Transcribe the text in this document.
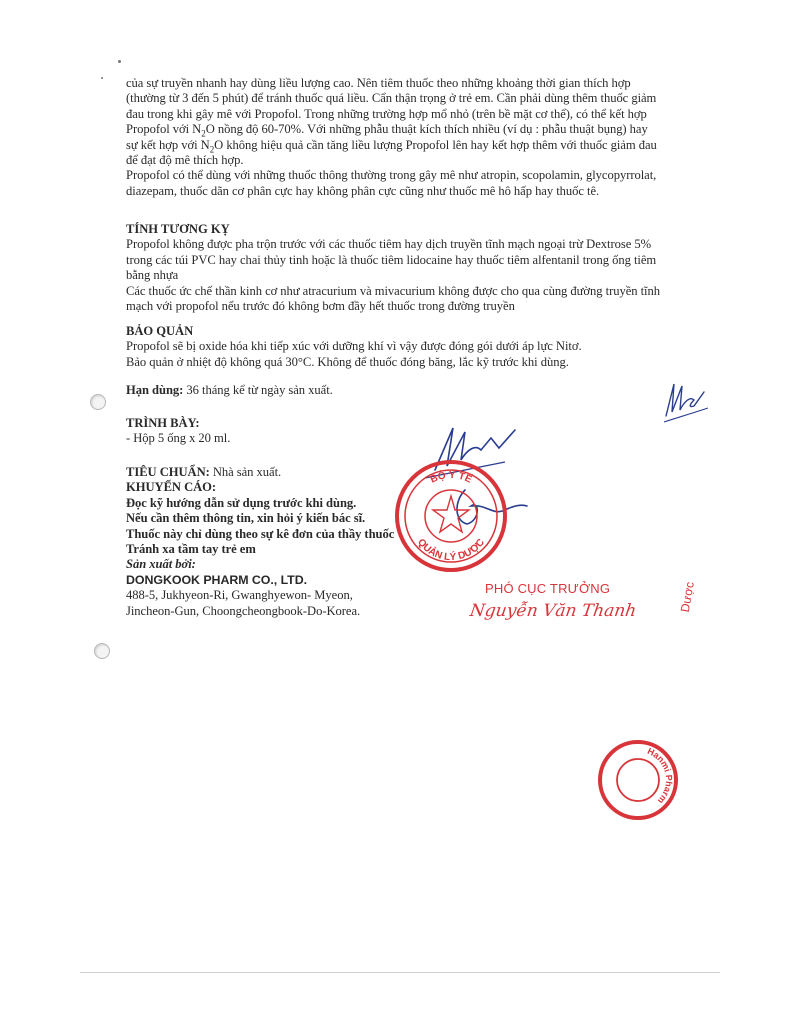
của sự truyền nhanh hay dùng liều lượng cao. Nên tiêm thuốc theo những khoảng thời gian thích hợp
(thường từ 3 đến 5 phút) để tránh thuốc quá liều. Cẩn thận trọng ở trẻ em. Cần phải dùng thêm thuốc giảm
đau trong khi gây mê với Propofol. Trong những trường hợp mổ nhỏ (trên bề mặt cơ thể), có thể kết hợp
Propofol với $N_2O$ nồng độ 60-70%. Với những phẫu thuật kích thích nhiều (ví dụ : phẫu thuật bụng) hay
sự kết hợp với $N_2O$ không hiệu quả cần tăng liều lượng Propofol lên hay kết hợp thêm với thuốc giảm đau
để đạt độ mê thích hợp.
Propofol có thể dùng với những thuốc thông thường trong gây mê như atropin, scopolamin, glycopyrrolat,
diazepam, thuốc dãn cơ phân cực hay không phân cực cũng như thuốc mê hô hấp hay thuốc tê.
TÍNH TƯƠNG KỴ
Propofol không được pha trộn trước với các thuốc tiêm hay dịch truyền tĩnh mạch ngoại trừ Dextrose 5%
trong các túi PVC hay chai thủy tinh hoặc là thuốc tiêm lidocaine hay thuốc tiêm alfentanil trong ống tiêm
bằng nhựa
Các thuốc ức chế thần kinh cơ như atracurium và mivacurium không được cho qua cùng đường truyền tĩnh
mạch với propofol nếu trước đó không bơm đầy hết thuốc trong đường truyền
BẢO QUẢN
Propofol sẽ bị oxide hóa khi tiếp xúc với dưỡng khí vì vậy được đóng gói dưới áp lực Nitơ.
Bảo quản ở nhiệt độ không quá 30°C. Không để thuốc đóng băng, lắc kỹ trước khi dùng.
Hạn dùng: 36 tháng kể từ ngày sản xuất.
TRÌNH BÀY:
- Hộp 5 ống x 20 ml.
TIÊU CHUẨN: Nhà sản xuất.
KHUYẾN CÁO:
Đọc kỹ hướng dẫn sử dụng trước khi dùng.
Nếu cần thêm thông tin, xin hỏi ý kiến bác sĩ.
Thuốc này chỉ dùng theo sự kê đơn của thầy thuốc
Tránh xa tầm tay trẻ em
Sản xuất bởi:
DONGKOOK PHARM CO., LTD.
488-5, Jukhyeon-Ri, Gwanghyewon- Myeon,
Jincheon-Gun, Choongcheongbook-Do-Korea.
BỘ Y TẾ
QUẢN LÝ DƯỢC
Dược
PHÓ CỤC TRƯỞNG
Nguyễn Văn Thanh
Hanmi Pharm
